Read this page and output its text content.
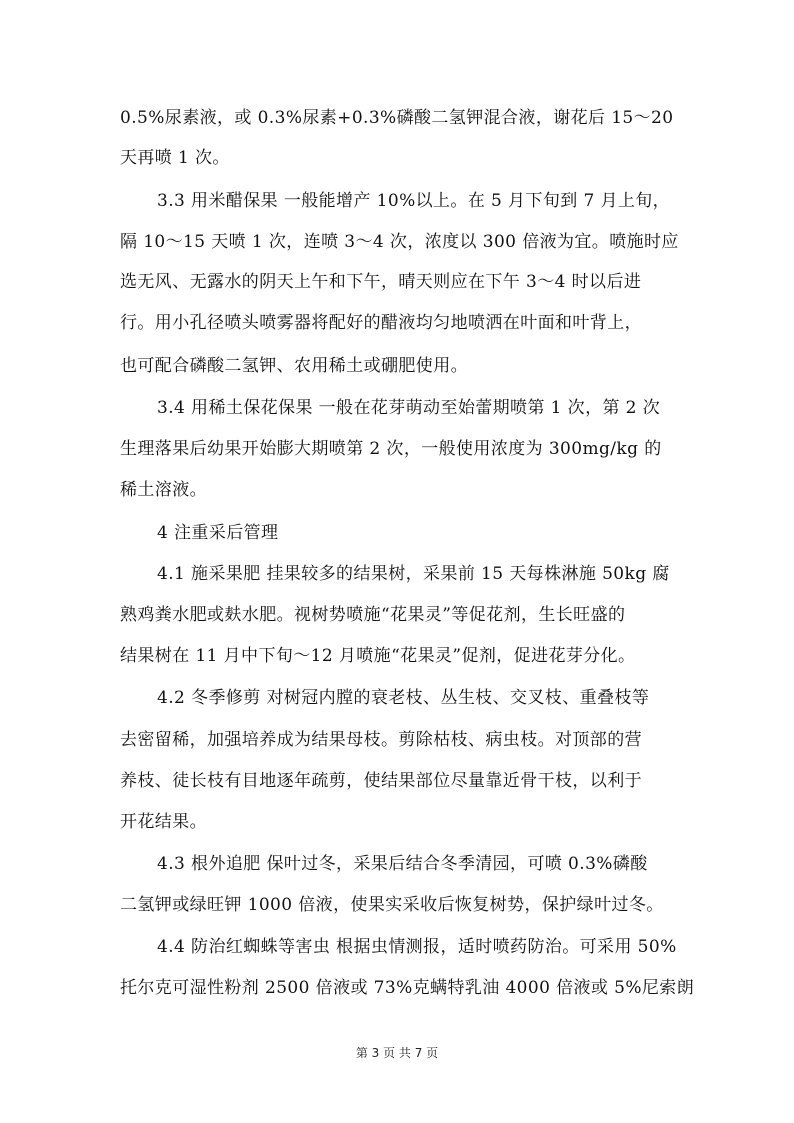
0.5%尿素液，或 0.3%尿素+0.3%磷酸二氢钾混合液，谢花后 15～20
天再喷 1 次。
3.3 用米醋保果 一般能增产 10%以上。在 5 月下旬到 7 月上旬，
隔 10～15 天喷 1 次，连喷 3～4 次，浓度以 300 倍液为宜。喷施时应
选无风、无露水的阴天上午和下午，晴天则应在下午 3～4 时以后进
行。用小孔径喷头喷雾器将配好的醋液均匀地喷洒在叶面和叶背上，
也可配合磷酸二氢钾、农用稀土或硼肥使用。
3.4 用稀土保花保果 一般在花芽萌动至始蕾期喷第 1 次，第 2 次
生理落果后幼果开始膨大期喷第 2 次，一般使用浓度为 300mg/kg 的
稀土溶液。
4 注重采后管理
4.1 施采果肥 挂果较多的结果树，采果前 15 天每株淋施 50kg 腐
熟鸡粪水肥或麸水肥。视树势喷施“花果灵”等促花剂，生长旺盛的
结果树在 11 月中下旬～12 月喷施“花果灵”促剂，促进花芽分化。
4.2 冬季修剪 对树冠内膛的衰老枝、丛生枝、交叉枝、重叠枝等
去密留稀，加强培养成为结果母枝。剪除枯枝、病虫枝。对顶部的营
养枝、徒长枝有目地逐年疏剪，使结果部位尽量靠近骨干枝，以利于
开花结果。
4.3 根外追肥 保叶过冬，采果后结合冬季清园，可喷 0.3%磷酸
二氢钾或绿旺钾 1000 倍液，使果实采收后恢复树势，保护绿叶过冬。
4.4 防治红蜘蛛等害虫 根据虫情测报，适时喷药防治。可采用 50%
托尔克可湿性粉剂 2500 倍液或 73%克螨特乳油 4000 倍液或 5%尼索朗
第 3 页 共 7 页
